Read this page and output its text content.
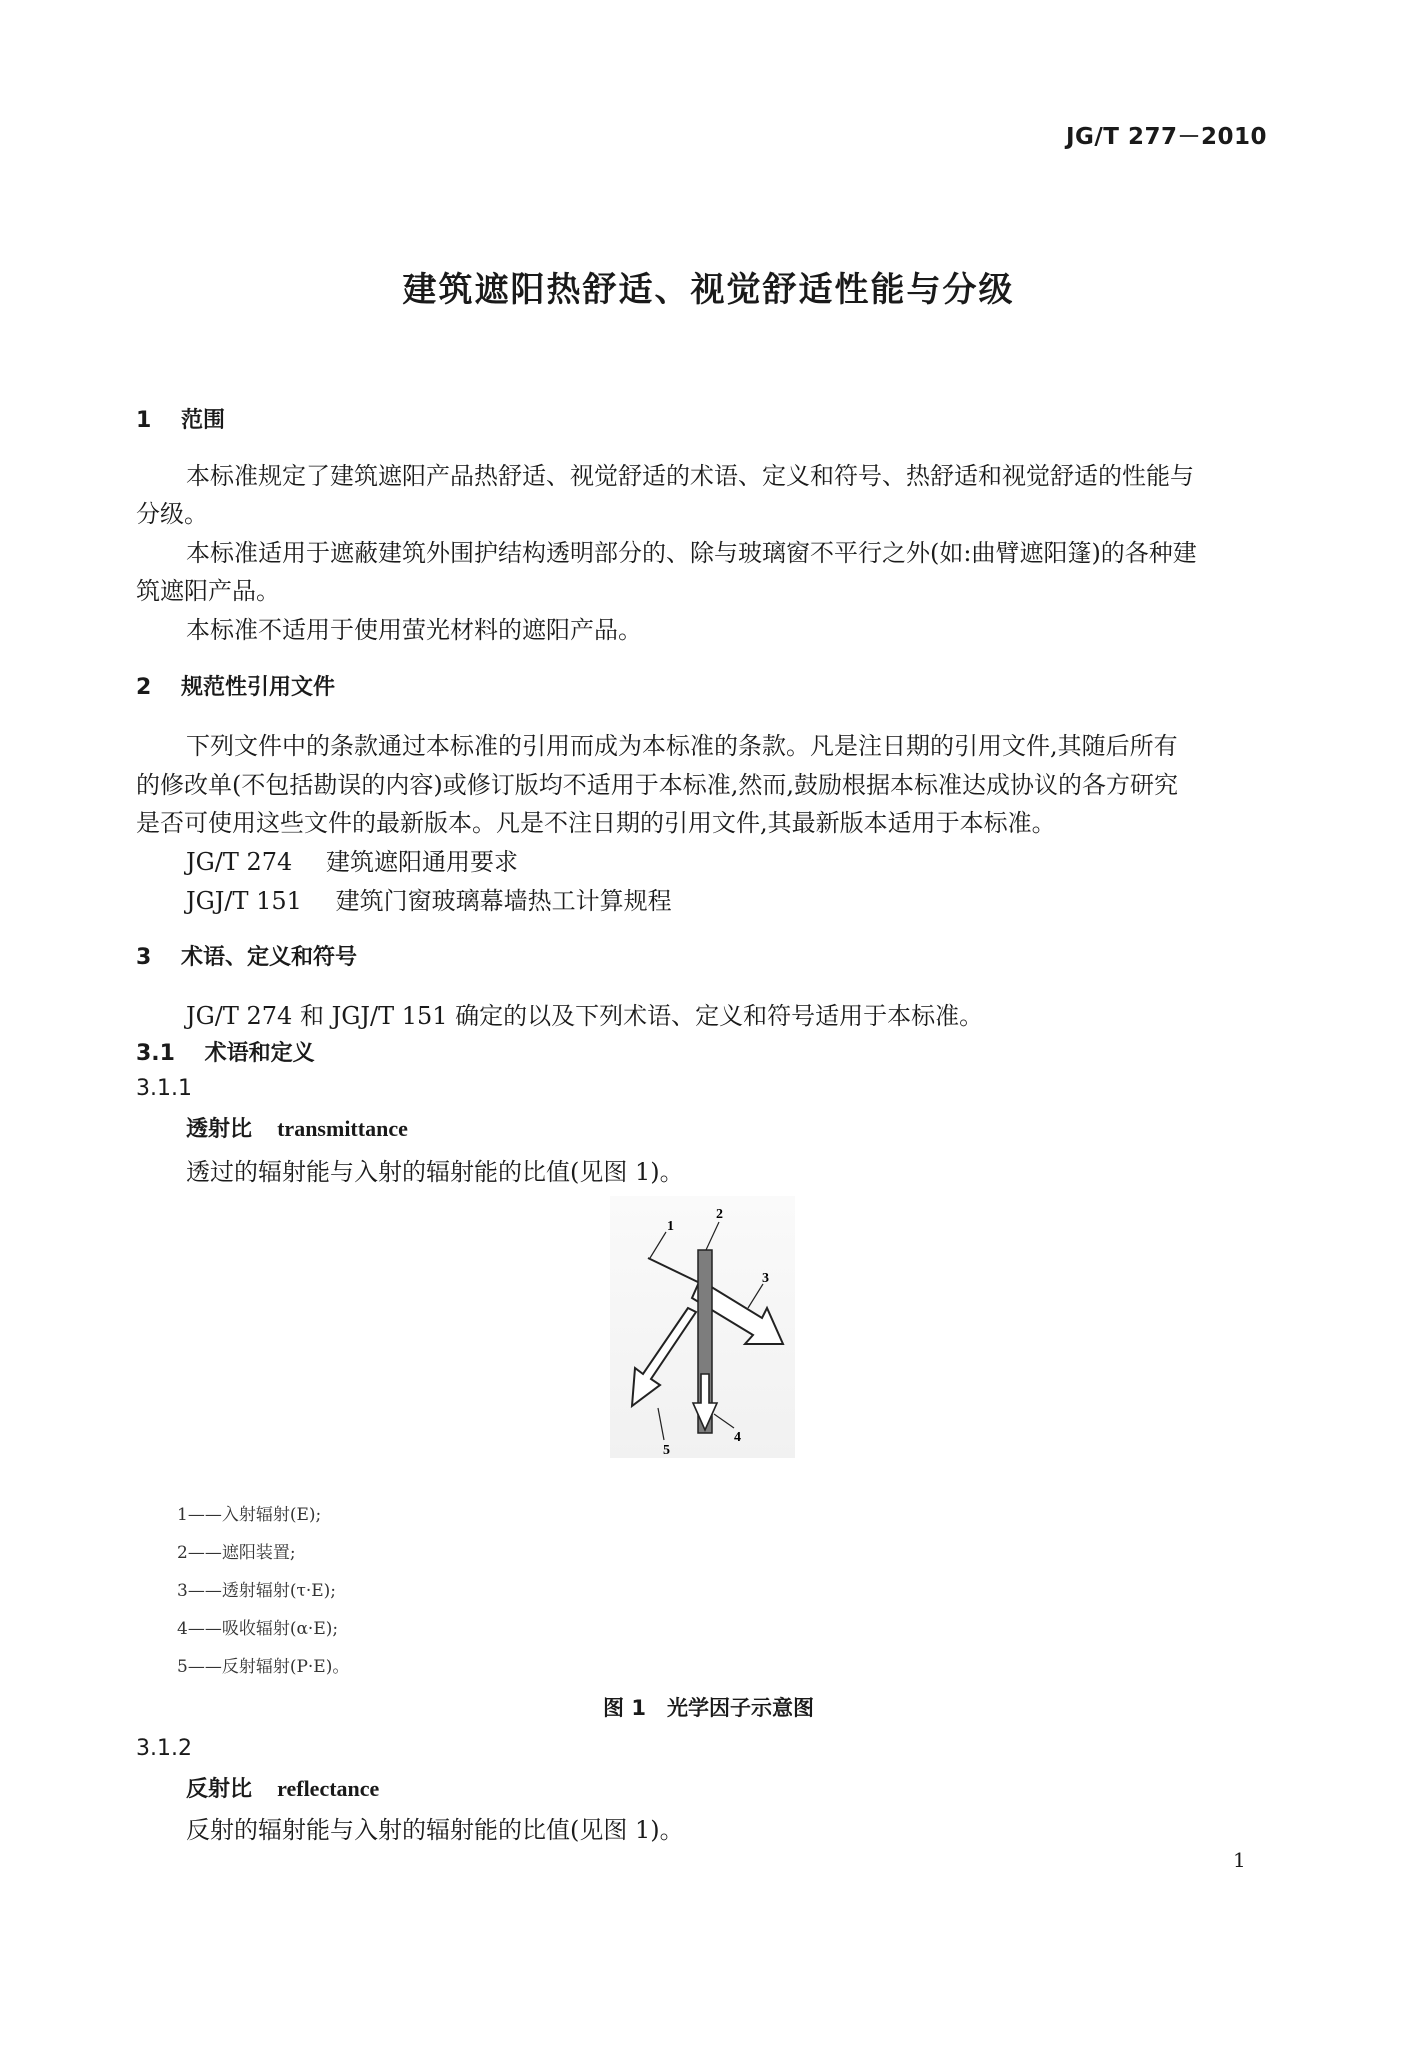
JG/T 277－2010
建筑遮阳热舒适、视觉舒适性能与分级
1 范围
本标准规定了建筑遮阳产品热舒适、视觉舒适的术语、定义和符号、热舒适和视觉舒适的性能与
分级。
本标准适用于遮蔽建筑外围护结构透明部分的、除与玻璃窗不平行之外(如:曲臂遮阳篷)的各种建
筑遮阳产品。
本标准不适用于使用萤光材料的遮阳产品。
2 规范性引用文件
下列文件中的条款通过本标准的引用而成为本标准的条款。凡是注日期的引用文件,其随后所有
的修改单(不包括勘误的内容)或修订版均不适用于本标准,然而,鼓励根据本标准达成协议的各方研究
是否可使用这些文件的最新版本。凡是不注日期的引用文件,其最新版本适用于本标准。
JG/T 274 建筑遮阳通用要求
JGJ/T 151 建筑门窗玻璃幕墙热工计算规程
3 术语、定义和符号
JG/T 274 和 JGJ/T 151 确定的以及下列术语、定义和符号适用于本标准。
3.1 术语和定义
3.1.1
透射比 transmittance
透过的辐射能与入射的辐射能的比值(见图 1)。
1
2
3
4
5
1——入射辐射(E);
2——遮阳装置;
3——透射辐射(τ·E);
4——吸收辐射(α·E);
5——反射辐射(P·E)。
图 1　光学因子示意图
3.1.2
反射比 reflectance
反射的辐射能与入射的辐射能的比值(见图 1)。
1
